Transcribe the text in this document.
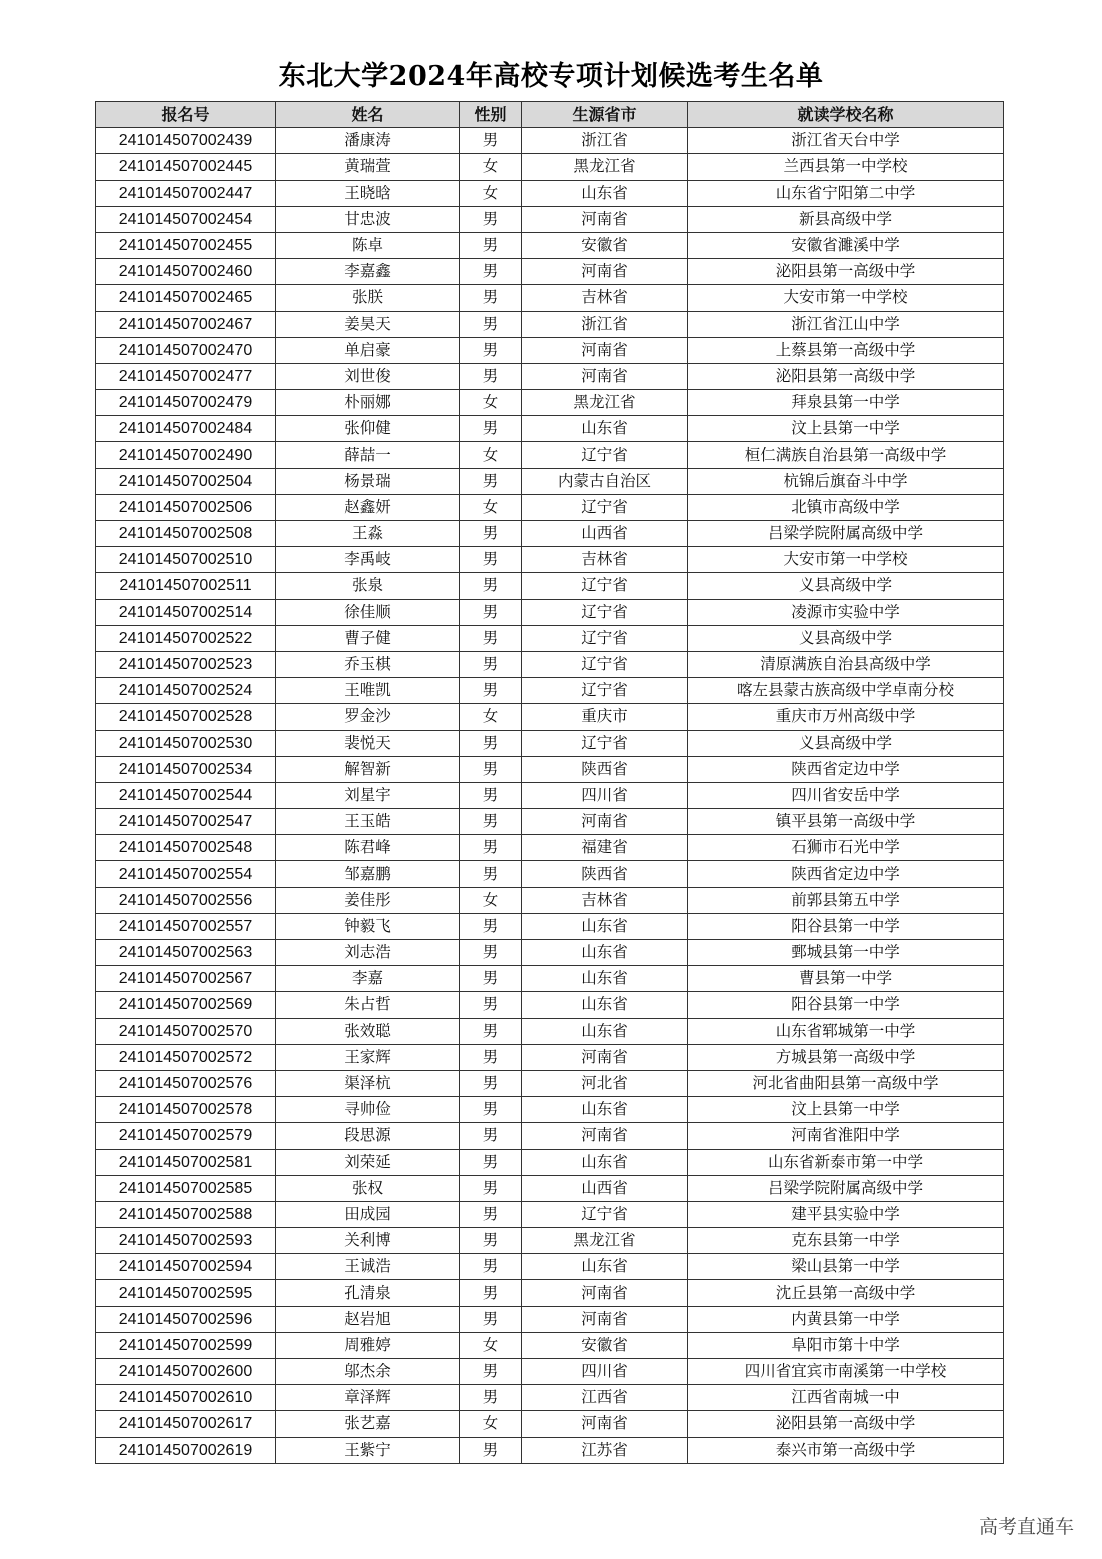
东北大学2024年高校专项计划候选考生名单
报名号	姓名	性别	生源省市	就读学校名称
241014507002439	潘康涛	男	浙江省	浙江省天台中学
241014507002445	黄瑞萱	女	黑龙江省	兰西县第一中学校
241014507002447	王晓晗	女	山东省	山东省宁阳第二中学
241014507002454	甘忠波	男	河南省	新县高级中学
241014507002455	陈卓	男	安徽省	安徽省濉溪中学
241014507002460	李嘉鑫	男	河南省	泌阳县第一高级中学
241014507002465	张朕	男	吉林省	大安市第一中学校
241014507002467	姜昊天	男	浙江省	浙江省江山中学
241014507002470	单启豪	男	河南省	上蔡县第一高级中学
241014507002477	刘世俊	男	河南省	泌阳县第一高级中学
241014507002479	朴丽娜	女	黑龙江省	拜泉县第一中学
241014507002484	张仰健	男	山东省	汶上县第一中学
241014507002490	薛喆一	女	辽宁省	桓仁满族自治县第一高级中学
241014507002504	杨景瑞	男	内蒙古自治区	杭锦后旗奋斗中学
241014507002506	赵鑫妍	女	辽宁省	北镇市高级中学
241014507002508	王淼	男	山西省	吕梁学院附属高级中学
241014507002510	李禹岐	男	吉林省	大安市第一中学校
241014507002511	张泉	男	辽宁省	义县高级中学
241014507002514	徐佳顺	男	辽宁省	凌源市实验中学
241014507002522	曹子健	男	辽宁省	义县高级中学
241014507002523	乔玉棋	男	辽宁省	清原满族自治县高级中学
241014507002524	王唯凯	男	辽宁省	喀左县蒙古族高级中学卓南分校
241014507002528	罗金沙	女	重庆市	重庆市万州高级中学
241014507002530	裴悦天	男	辽宁省	义县高级中学
241014507002534	解智新	男	陕西省	陕西省定边中学
241014507002544	刘星宇	男	四川省	四川省安岳中学
241014507002547	王玉皓	男	河南省	镇平县第一高级中学
241014507002548	陈君峰	男	福建省	石狮市石光中学
241014507002554	邹嘉鹏	男	陕西省	陕西省定边中学
241014507002556	姜佳彤	女	吉林省	前郭县第五中学
241014507002557	钟毅飞	男	山东省	阳谷县第一中学
241014507002563	刘志浩	男	山东省	鄄城县第一中学
241014507002567	李嘉	男	山东省	曹县第一中学
241014507002569	朱占哲	男	山东省	阳谷县第一中学
241014507002570	张效聪	男	山东省	山东省郓城第一中学
241014507002572	王家辉	男	河南省	方城县第一高级中学
241014507002576	渠泽杭	男	河北省	河北省曲阳县第一高级中学
241014507002578	寻帅俭	男	山东省	汶上县第一中学
241014507002579	段思源	男	河南省	河南省淮阳中学
241014507002581	刘荣延	男	山东省	山东省新泰市第一中学
241014507002585	张权	男	山西省	吕梁学院附属高级中学
241014507002588	田成园	男	辽宁省	建平县实验中学
241014507002593	关利博	男	黑龙江省	克东县第一中学
241014507002594	王诚浩	男	山东省	梁山县第一中学
241014507002595	孔清泉	男	河南省	沈丘县第一高级中学
241014507002596	赵岩旭	男	河南省	内黄县第一中学
241014507002599	周雅婷	女	安徽省	阜阳市第十中学
241014507002600	邬杰余	男	四川省	四川省宜宾市南溪第一中学校
241014507002610	章泽辉	男	江西省	江西省南城一中
241014507002617	张艺嘉	女	河南省	泌阳县第一高级中学
241014507002619	王紫宁	男	江苏省	泰兴市第一高级中学
高考直通车
